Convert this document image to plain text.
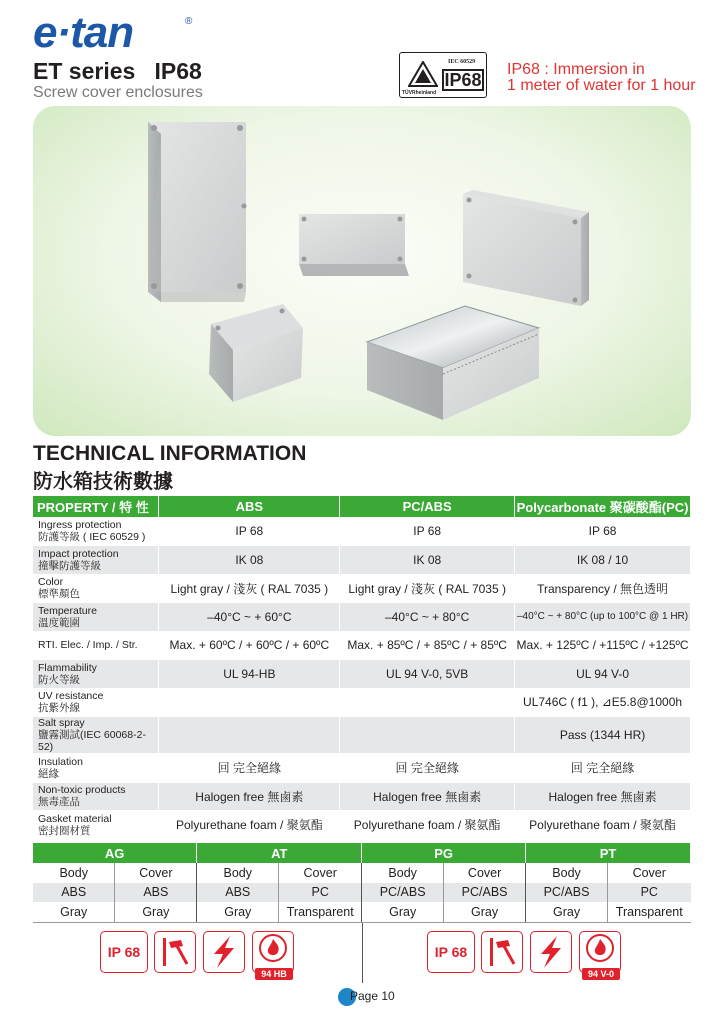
e·tan	®
ET series   IP68
Screw cover enclosures
IEC 60529
IP68
TÜVRheinland
IP68 : Immersion in
1 meter of water for 1 hour
TECHNICAL INFORMATION
防水箱技術數據
PROPERTY / 特 性	ABS	PC/ABS	Polycarbonate 聚碳酸酯(PC)

Ingress protection
防護等級 ( IEC 60529 )	IP 68	IP 68	IP 68

Impact protection
撞擊防護等級	IK 08	IK 08	IK 08 / 10

Color
標準顏色	Light gray / 淺灰 ( RAL 7035 )	Light gray / 淺灰 ( RAL 7035 )	Transparency / 無色透明

Temperature
溫度範圍	–40°C ~ + 60°C	–40°C ~ + 80°C	–40°C ~ + 80°C (up to 100°C @ 1 HR)

RTI. Elec. / Imp. / Str.	Max. + 60ºC / + 60ºC / + 60ºC	Max. + 85ºC / + 85ºC / + 85ºC	Max. + 125ºC / +115ºC / +125ºC

Flammability
防火等級	UL 94-HB	UL 94 V-0, 5VB	UL 94 V-0

UV resistance
抗紫外線			UL746C ( f1 ), ⊿E5.8@1000h

Salt spray
鹽霧測試(IEC 60068-2-52)			Pass (1344 HR)

Insulation
絕緣	回 完全絕緣	回 完全絕緣	回 完全絕緣

Non-toxic products
無毒產品	Halogen free 無鹵素	Halogen free 無鹵素	Halogen free 無鹵素

Gasket material
密封圈材質	Polyurethane foam / 聚氨酯	Polyurethane foam / 聚氨酯	Polyurethane foam / 聚氨酯
AG		AT		PG		PT	
Body	Cover	Body	Cover	Body	Cover	Body	Cover
ABS	ABS	ABS	PC	PC/ABS	PC/ABS	PC/ABS	PC
Gray	Gray	Gray	Transparent	Gray	Gray	Gray	Transparent
IP 68
94 HB
IP 68
94 V-0
Page 10
